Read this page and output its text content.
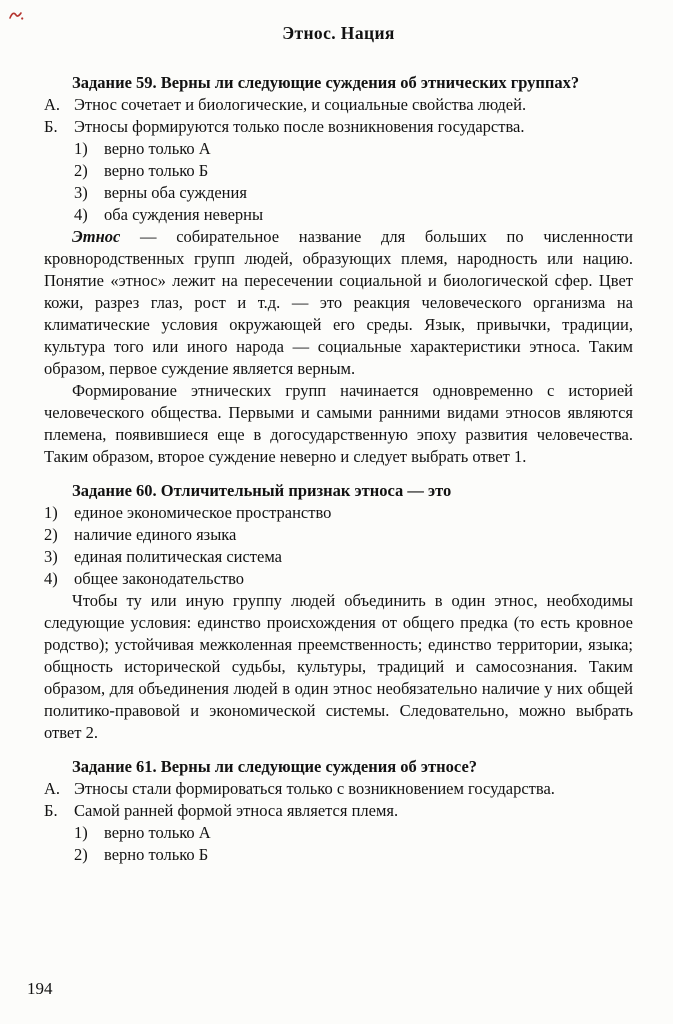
Этнос. Нация

Задание 59. Верны ли следующие суждения об этнических группах?

А. Этнос сочетает и биологические, и социальные свойства людей.
Б. Этносы формируются только после возникновения государства.
1) верно только А
2) верно только Б
3) верны оба суждения
4) оба суждения неверны

Этнос — собирательное название для больших по численности кровнородственных групп людей, образующих племя, народность или нацию. Понятие «этнос» лежит на пересечении социальной и биологической сфер. Цвет кожи, разрез глаз, рост и т.д. — это реакция человеческого организма на климатические условия окружающей его среды. Язык, привычки, традиции, культура того или иного народа — социальные характеристики этноса. Таким образом, первое суждение является верным.

Формирование этнических групп начинается одновременно с историей человеческого общества. Первыми и самыми ранними видами этносов являются племена, появившиеся еще в догосударственную эпоху развития человечества. Таким образом, второе суждение неверно и следует выбрать ответ 1.

Задание 60. Отличительный признак этноса — это

1) единое экономическое пространство
2) наличие единого языка
3) единая политическая система
4) общее законодательство

Чтобы ту или иную группу людей объединить в один этнос, необходимы следующие условия: единство происхождения от общего предка (то есть кровное родство); устойчивая межколенная преемственность; единство территории, языка; общность исторической судьбы, культуры, традиций и самосознания. Таким образом, для объединения людей в один этнос необязательно наличие у них общей политико-правовой и экономической системы. Следовательно, можно выбрать ответ 2.

Задание 61. Верны ли следующие суждения об этносе?

А. Этносы стали формироваться только с возникновением государства.
Б. Самой ранней формой этноса является племя.
1) верно только А
2) верно только Б
194
